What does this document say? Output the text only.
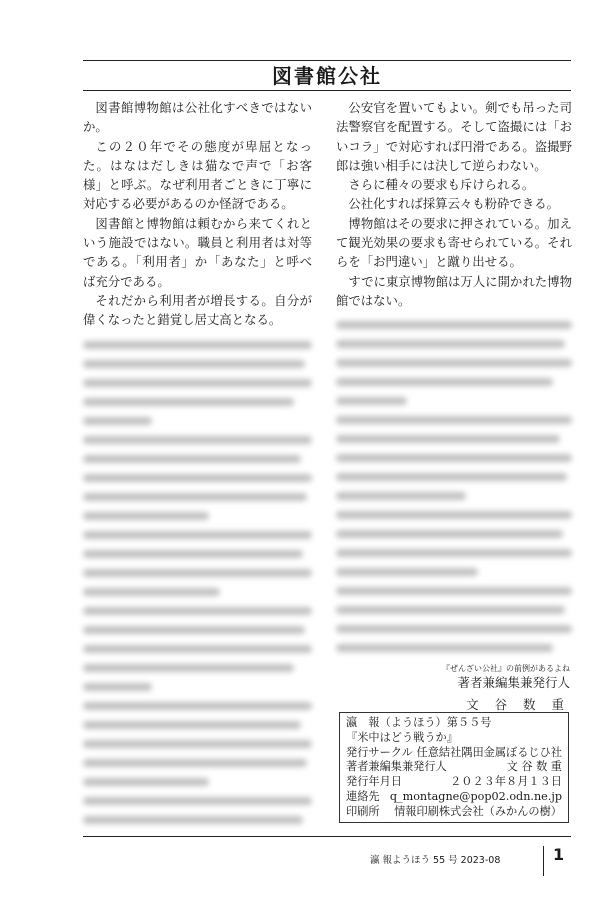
図書館公社

図書館博物館は公社化すべきではないか。

この２０年でその態度が卑屈となった。はなはだしきは猫なで声で「お客様」と呼ぶ。なぜ利用者ごときに丁寧に対応する必要があるのか怪訝である。

図書館と博物館は頼むから来てくれという施設ではない。職員と利用者は対等である。「利用者」か「あなた」と呼べば充分である。

それだから利用者が増長する。自分が偉くなったと錯覚し居丈高となる。

公安官を置いてもよい。剣でも吊った司法警察官を配置する。そして盗撮には「おいコラ」で対応すれば円滑である。盗撮野郎は強い相手には決して逆らわない。

さらに種々の要求も斥けられる。

公社化すれば採算云々も粉砕できる。

博物館はその要求に押されている。加えて観光効果の要求も寄せられている。それらを「お門違い」と蹴り出せる。

すでに東京博物館は万人に開かれた博物館ではない。

『ぜんざい公社』の前例があるよね
著者兼編集兼発行人
文 谷 数 重
瀛　報（ようほう）第５５号
『米中はどう戦うか』
発行サークル 任意結社隅田金属ぼるじひ社
著者兼編集兼発行人	文 谷 数 重
発行年月日	２０２３年８月１３日
連絡先 q_montagne@pop02.odn.ne.jp
印刷所	情報印刷株式会社（みかんの樹）
瀛 報ようほう 55 号 2023-08	1
